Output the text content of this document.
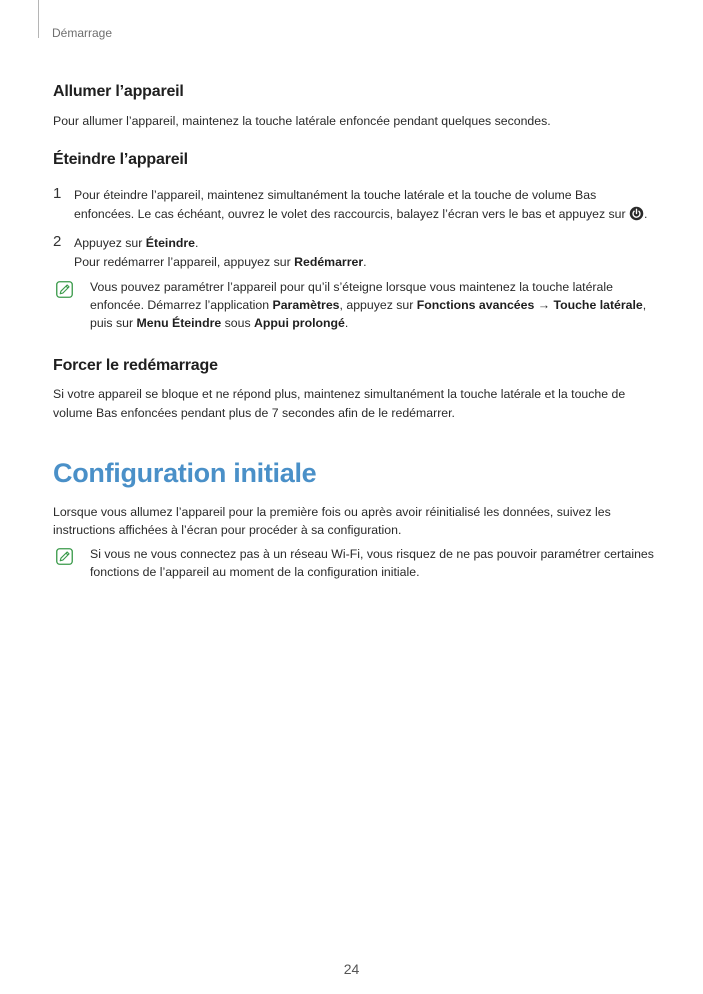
Démarrage
Allumer l’appareil
Pour allumer l’appareil, maintenez la touche latérale enfoncée pendant quelques secondes.
Éteindre l’appareil
1 Pour éteindre l’appareil, maintenez simultanément la touche latérale et la touche de volume Bas
enfoncées. Le cas échéant, ouvrez le volet des raccourcis, balayez l’écran vers le bas et appuyez sur .
2 Appuyez sur Éteindre.
Pour redémarrer l’appareil, appuyez sur Redémarrer.
Vous pouvez paramétrer l’appareil pour qu’il s’éteigne lorsque vous maintenez la touche latérale
enfoncée. Démarrez l’application Paramètres, appuyez sur Fonctions avancées → Touche latérale,
puis sur Menu Éteindre sous Appui prolongé.
Forcer le redémarrage
Si votre appareil se bloque et ne répond plus, maintenez simultanément la touche latérale et la touche de
volume Bas enfoncées pendant plus de 7 secondes afin de le redémarrer.
Configuration initiale
Lorsque vous allumez l’appareil pour la première fois ou après avoir réinitialisé les données, suivez les
instructions affichées à l’écran pour procéder à sa configuration.
Si vous ne vous connectez pas à un réseau Wi-Fi, vous risquez de ne pas pouvoir paramétrer certaines
fonctions de l’appareil au moment de la configuration initiale.
24
